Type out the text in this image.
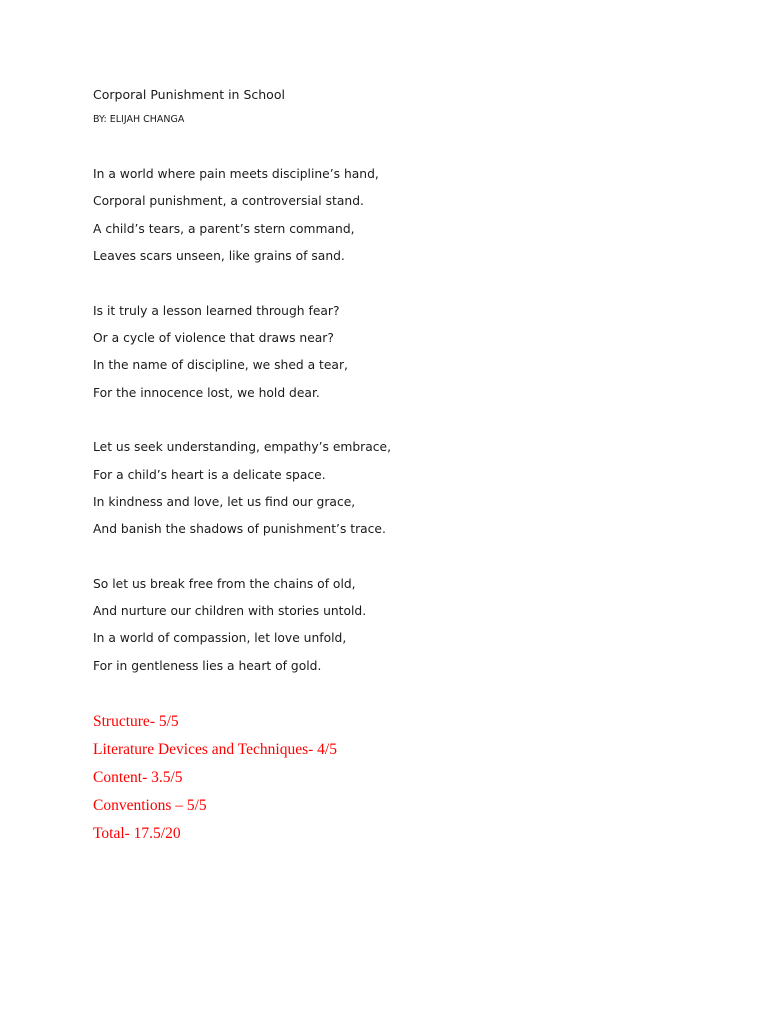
Corporal Punishment in School
BY: ELIJAH CHANGA
In a world where pain meets discipline’s hand,
Corporal punishment, a controversial stand.
A child’s tears, a parent’s stern command,
Leaves scars unseen, like grains of sand.
Is it truly a lesson learned through fear?
Or a cycle of violence that draws near?
In the name of discipline, we shed a tear,
For the innocence lost, we hold dear.
Let us seek understanding, empathy’s embrace,
For a child’s heart is a delicate space.
In kindness and love, let us find our grace,
And banish the shadows of punishment’s trace.
So let us break free from the chains of old,
And nurture our children with stories untold.
In a world of compassion, let love unfold,
For in gentleness lies a heart of gold.
Structure- 5/5
Literature Devices and Techniques- 4/5
Content- 3.5/5
Conventions – 5/5
Total- 17.5/20
